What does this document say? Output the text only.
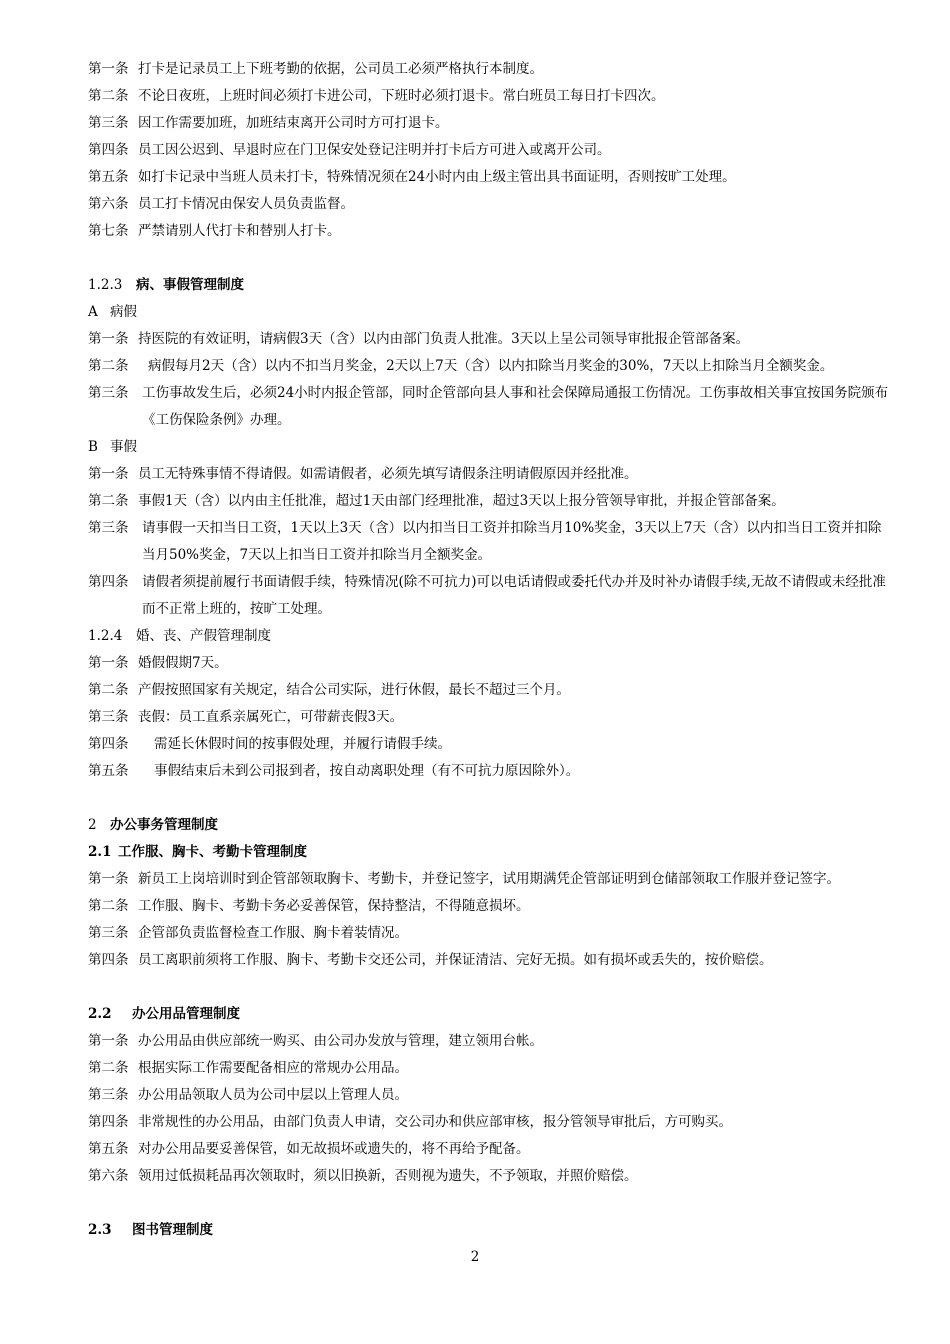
第一条 打卡是记录员工上下班考勤的依据，公司员工必须严格执行本制度。
第二条 不论日夜班，上班时间必须打卡进公司，下班时必须打退卡。常白班员工每日打卡四次。
第三条 因工作需要加班，加班结束离开公司时方可打退卡。
第四条 员工因公迟到、早退时应在门卫保安处登记注明并打卡后方可进入或离开公司。
第五条 如打卡记录中当班人员未打卡，特殊情况须在24小时内由上级主管出具书面证明，否则按旷工处理。
第六条 员工打卡情况由保安人员负责监督。
第七条 严禁请别人代打卡和替别人打卡。
1.2.3 病、事假管理制度
A 病假
第一条 持医院的有效证明，请病假3天（含）以内由部门负责人批准。3天以上呈公司领导审批报企管部备案。
第二条 病假每月2天（含）以内不扣当月奖金，2天以上7天（含）以内扣除当月奖金的30%，7天以上扣除当月全额奖金。
第三条 工伤事故发生后，必须24小时内报企管部，同时企管部向县人事和社会保障局通报工伤情况。工伤事故相关事宜按国务院颁布《工伤保险条例》办理。
B 事假
第一条 员工无特殊事情不得请假。如需请假者，必须先填写请假条注明请假原因并经批准。
第二条 事假1天（含）以内由主任批准，超过1天由部门经理批准，超过3天以上报分管领导审批，并报企管部备案。
第三条 请事假一天扣当日工资，1天以上3天（含）以内扣当日工资并扣除当月10%奖金，3天以上7天（含）以内扣当日工资并扣除当月50%奖金，7天以上扣当日工资并扣除当月全额奖金。
第四条 请假者须提前履行书面请假手续，特殊情况(除不可抗力)可以电话请假或委托代办并及时补办请假手续,无故不请假或未经批准而不正常上班的，按旷工处理。
1.2.4 婚、丧、产假管理制度
第一条 婚假假期7天。
第二条 产假按照国家有关规定，结合公司实际，进行休假，最长不超过三个月。
第三条 丧假：员工直系亲属死亡，可带薪丧假3天。
第四条 需延长休假时间的按事假处理，并履行请假手续。
第五条 事假结束后未到公司报到者，按自动离职处理（有不可抗力原因除外）。
2 办公事务管理制度
2.1 工作服、胸卡、考勤卡管理制度
第一条 新员工上岗培训时到企管部领取胸卡、考勤卡，并登记签字，试用期满凭企管部证明到仓储部领取工作服并登记签字。
第二条 工作服、胸卡、考勤卡务必妥善保管，保持整洁，不得随意损坏。
第三条 企管部负责监督检查工作服、胸卡着装情况。
第四条 员工离职前须将工作服、胸卡、考勤卡交还公司，并保证清洁、完好无损。如有损坏或丢失的，按价赔偿。
2.2 办公用品管理制度
第一条 办公用品由供应部统一购买、由公司办发放与管理，建立领用台帐。
第二条 根据实际工作需要配备相应的常规办公用品。
第三条 办公用品领取人员为公司中层以上管理人员。
第四条 非常规性的办公用品，由部门负责人申请，交公司办和供应部审核，报分管领导审批后，方可购买。
第五条 对办公用品要妥善保管，如无故损坏或遗失的，将不再给予配备。
第六条 领用过低损耗品再次领取时，须以旧换新，否则视为遗失，不予领取，并照价赔偿。
2.3 图书管理制度
2
